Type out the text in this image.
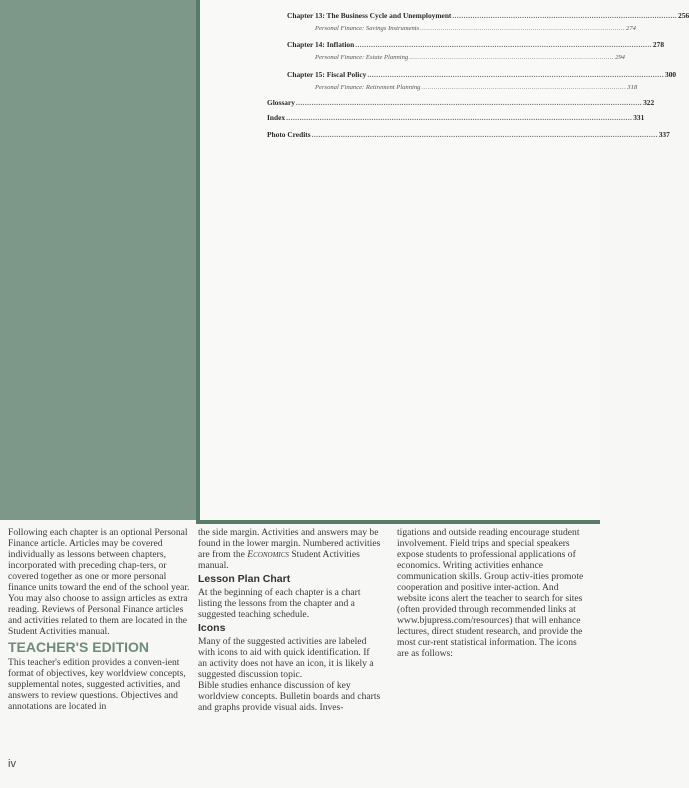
Chapter 13: The Business Cycle and Unemployment .................................................................................................... 256
Personal Finance: Savings Instruments .................................................................................................... 274
Chapter 14: Inflation .................................................................................................................................... 278
Personal Finance: Estate Planning .................................................................................................... 294
Chapter 15: Fiscal Policy .................................................................................................................................... 300
Personal Finance: Retirement Planning .................................................................................................... 318
Glossary .......................................................................................................................................................... 322
Index .......................................................................................................................................................... 331
Photo Credits .......................................................................................................................................................... 337

Following each chapter is an optional Personal Finance article. Articles may be covered individually as lessons between chapters, incorporated with preceding chap-ters, or covered together as one or more personal finance units toward the end of the school year. You may also choose to assign articles as extra reading. Reviews of Personal Finance articles and activities related to them are located in the Student Activities manual.

TEACHER'S EDITION

This teacher's edition provides a conven-ient format of objectives, key worldview concepts, supplemental notes, suggested activities, and answers to review questions. Objectives and annotations are located in

the side margin. Activities and answers may be found in the lower margin. Numbered activities are from the Economics Student Activities manual.

Lesson Plan Chart

At the beginning of each chapter is a chart listing the lessons from the chapter and a suggested teaching schedule.

Icons

Many of the suggested activities are labeled with icons to aid with quick identification. If an activity does not have an icon, it is likely a suggested discussion topic.

Bible studies enhance discussion of key worldview concepts. Bulletin boards and charts and graphs provide visual aids. Inves-

tigations and outside reading encourage student involvement. Field trips and special speakers expose students to professional applications of economics. Writing activities enhance communication skills. Group activ-ities promote cooperation and positive inter-action. And website icons alert the teacher to search for sites (often provided through recommended links at www.bjupress.com/resources) that will enhance lectures, direct student research, and provide the most cur-rent statistical information. The icons are as follows:

iv
